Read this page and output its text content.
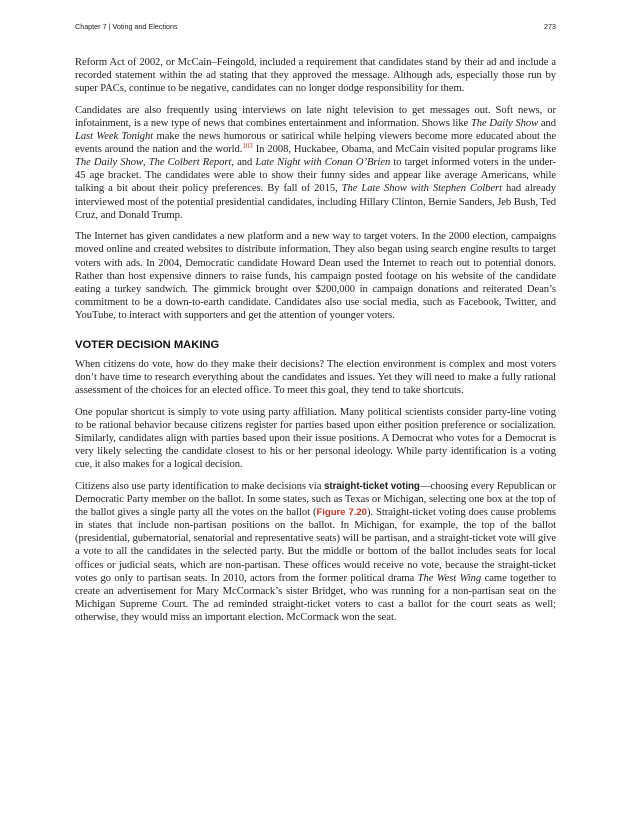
Chapter 7 | Voting and Elections	273

Reform Act of 2002, or McCain–Feingold, included a requirement that candidates stand by their ad and include a recorded statement within the ad stating that they approved the message. Although ads, especially those run by super PACs, continue to be negative, candidates can no longer dodge responsibility for them.

Candidates are also frequently using interviews on late night television to get messages out. Soft news, or infotainment, is a new type of news that combines entertainment and information. Shows like The Daily Show and Last Week Tonight make the news humorous or satirical while helping viewers become more educated about the events around the nation and the world.$^{103}$ In 2008, Huckabee, Obama, and McCain visited popular programs like The Daily Show, The Colbert Report, and Late Night with Conan O’Brien to target informed voters in the under-45 age bracket. The candidates were able to show their funny sides and appear like average Americans, while talking a bit about their policy preferences. By fall of 2015, The Late Show with Stephen Colbert had already interviewed most of the potential presidential candidates, including Hillary Clinton, Bernie Sanders, Jeb Bush, Ted Cruz, and Donald Trump.

The Internet has given candidates a new platform and a new way to target voters. In the 2000 election, campaigns moved online and created websites to distribute information. They also began using search engine results to target voters with ads. In 2004, Democratic candidate Howard Dean used the Internet to reach out to potential donors. Rather than host expensive dinners to raise funds, his campaign posted footage on his website of the candidate eating a turkey sandwich. The gimmick brought over $200,000 in campaign donations and reiterated Dean’s commitment to be a down-to-earth candidate. Candidates also use social media, such as Facebook, Twitter, and YouTube, to interact with supporters and get the attention of younger voters.

VOTER DECISION MAKING

When citizens do vote, how do they make their decisions? The election environment is complex and most voters don’t have time to research everything about the candidates and issues. Yet they will need to make a fully rational assessment of the choices for an elected office. To meet this goal, they tend to take shortcuts.

One popular shortcut is simply to vote using party affiliation. Many political scientists consider party-line voting to be rational behavior because citizens register for parties based upon either position preference or socialization. Similarly, candidates align with parties based upon their issue positions. A Democrat who votes for a Democrat is very likely selecting the candidate closest to his or her personal ideology. While party identification is a voting cue, it also makes for a logical decision.

Citizens also use party identification to make decisions via straight-ticket voting—choosing every Republican or Democratic Party member on the ballot. In some states, such as Texas or Michigan, selecting one box at the top of the ballot gives a single party all the votes on the ballot (Figure 7.20). Straight-ticket voting does cause problems in states that include non-partisan positions on the ballot. In Michigan, for example, the top of the ballot (presidential, gubernatorial, senatorial and representative seats) will be partisan, and a straight-ticket vote will give a vote to all the candidates in the selected party. But the middle or bottom of the ballot includes seats for local offices or judicial seats, which are non-partisan. These offices would receive no vote, because the straight-ticket votes go only to partisan seats. In 2010, actors from the former political drama The West Wing came together to create an advertisement for Mary McCormack’s sister Bridget, who was running for a non-partisan seat on the Michigan Supreme Court. The ad reminded straight-ticket voters to cast a ballot for the court seats as well; otherwise, they would miss an important election. McCormack won the seat.
